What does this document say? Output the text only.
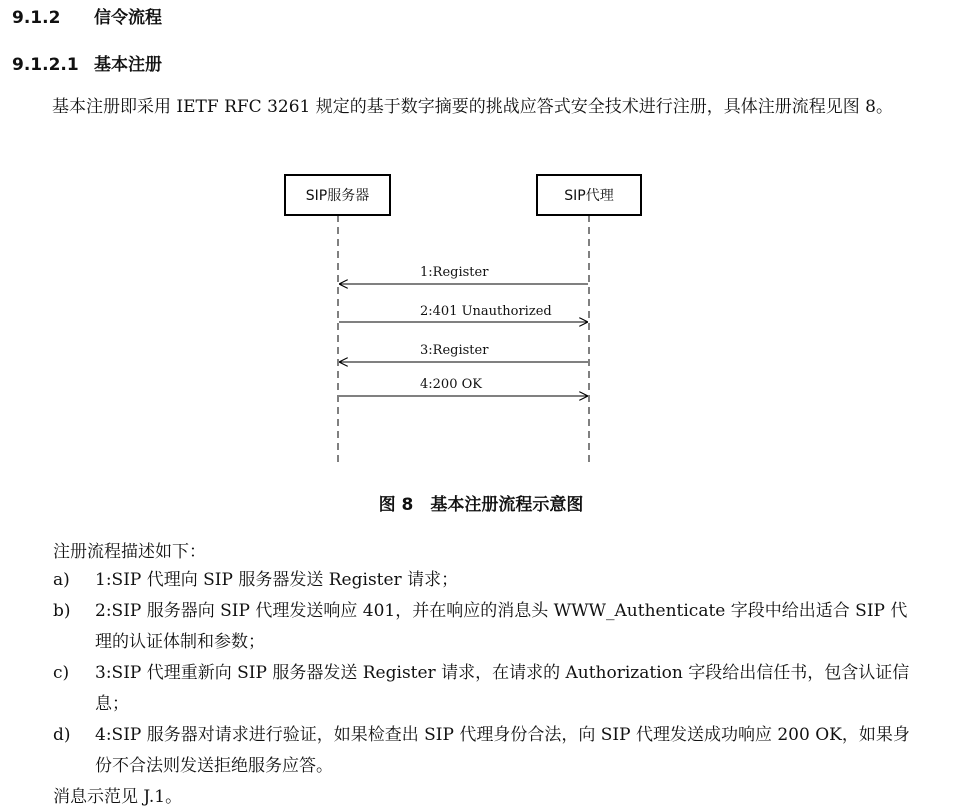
9.1.2 信令流程
9.1.2.1 基本注册
基本注册即采用 IETF RFC 3261 规定的基于数字摘要的挑战应答式安全技术进行注册，具体注册流程见图 8。
SIP服务器	SIP代理
1:Register
2:401 Unauthorized
3:Register
4:200 OK
图 8　基本注册流程示意图
注册流程描述如下：
a)	1:SIP 代理向 SIP 服务器发送 Register 请求；
b)	2:SIP 服务器向 SIP 代理发送响应 401，并在响应的消息头 WWW_Authenticate 字段中给出适合 SIP 代理的认证体制和参数；
c)	3:SIP 代理重新向 SIP 服务器发送 Register 请求，在请求的 Authorization 字段给出信任书，包含认证信息；
d)	4:SIP 服务器对请求进行验证，如果检查出 SIP 代理身份合法，向 SIP 代理发送成功响应 200 OK，如果身份不合法则发送拒绝服务应答。
消息示范见 J.1。
